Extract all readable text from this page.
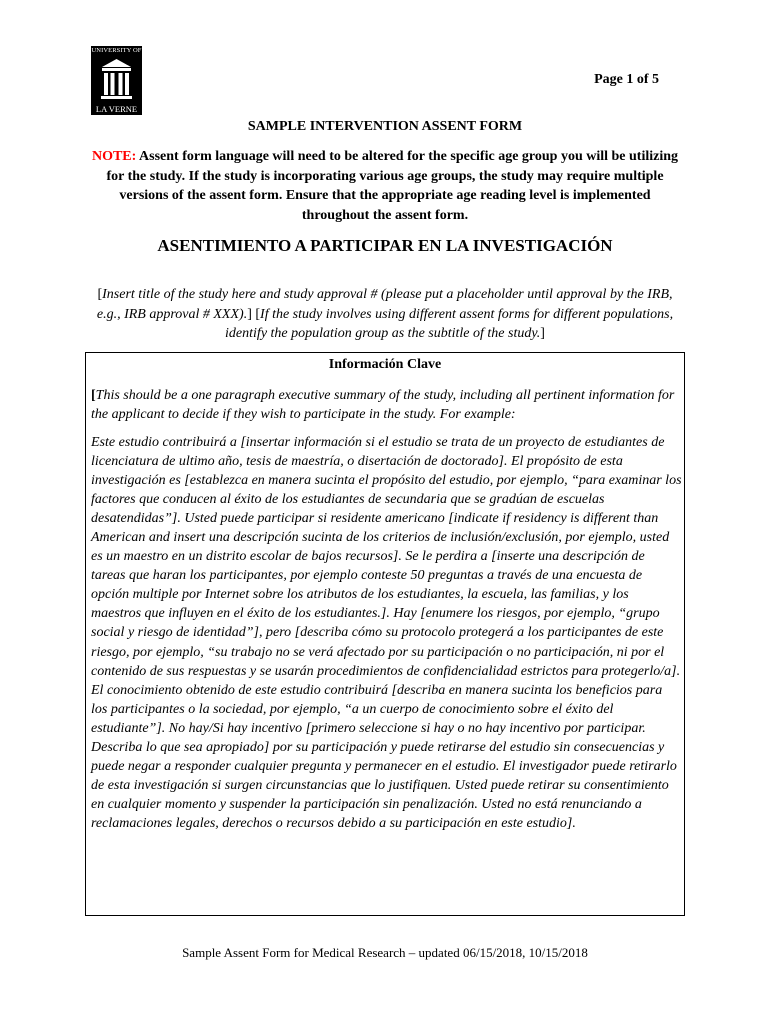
UNIVERSITY OF
LA VERNE
Page 1 of 5
SAMPLE INTERVENTION ASSENT FORM
NOTE: Assent form language will need to be altered for the specific age group you will be utilizing for the study. If the study is incorporating various age groups, the study may require multiple versions of the assent form. Ensure that the appropriate age reading level is implemented throughout the assent form.
ASENTIMIENTO A PARTICIPAR EN LA INVESTIGACIÓN
[Insert title of the study here and study approval # (please put a placeholder until approval by the IRB, e.g., IRB approval # XXX).] [If the study involves using different assent forms for different populations, identify the population group as the subtitle of the study.]
Información Clave
[This should be a one paragraph executive summary of the study, including all pertinent information for the applicant to decide if they wish to participate in the study. For example:
Este estudio contribuirá a [insertar información si el estudio se trata de un proyecto de estudiantes de licenciatura de ultimo año, tesis de maestría, o disertación de doctorado]. El propósito de esta investigación es [establezca en manera sucinta el propósito del estudio, por ejemplo, “para examinar los factores que conducen al éxito de los estudiantes de secundaria que se gradúan de escuelas desatendidas”]. Usted puede participar si residente americano [indicate if residency is different than American and insert una descripción sucinta de los criterios de inclusión/exclusión, por ejemplo, usted es un maestro en un distrito escolar de bajos recursos]. Se le perdira a [inserte una descripción de tareas que haran los participantes, por ejemplo conteste 50 preguntas a través de una encuesta de opción multiple por Internet sobre los atributos de los estudiantes, la escuela, las familias, y los maestros que influyen en el éxito de los estudiantes.]. Hay [enumere los riesgos, por ejemplo, “grupo social y riesgo de identidad”], pero [describa cómo su protocolo protegerá a los participantes de este riesgo, por ejemplo, “su trabajo no se verá afectado por su participación o no participación, ni por el contenido de sus respuestas y se usarán procedimientos de confidencialidad estrictos para protegerlo/a]. El conocimiento obtenido de este estudio contribuirá [describa en manera sucinta los beneficios para los participantes o la sociedad, por ejemplo, “a un cuerpo de conocimiento sobre el éxito del estudiante”]. No hay/Si hay incentivo [primero seleccione si hay o no hay incentivo por participar. Describa lo que sea apropiado] por su participación y puede retirarse del estudio sin consecuencias y puede negar a responder cualquier pregunta y permanecer en el estudio. El investigador puede retirarlo de esta investigación si surgen circunstancias que lo justifiquen. Usted puede retirar su consentimiento en cualquier momento y suspender la participación sin penalización. Usted no está renunciando a reclamaciones legales, derechos o recursos debido a su participación en este estudio].
Sample Assent Form for Medical Research – updated 06/15/2018, 10/15/2018
